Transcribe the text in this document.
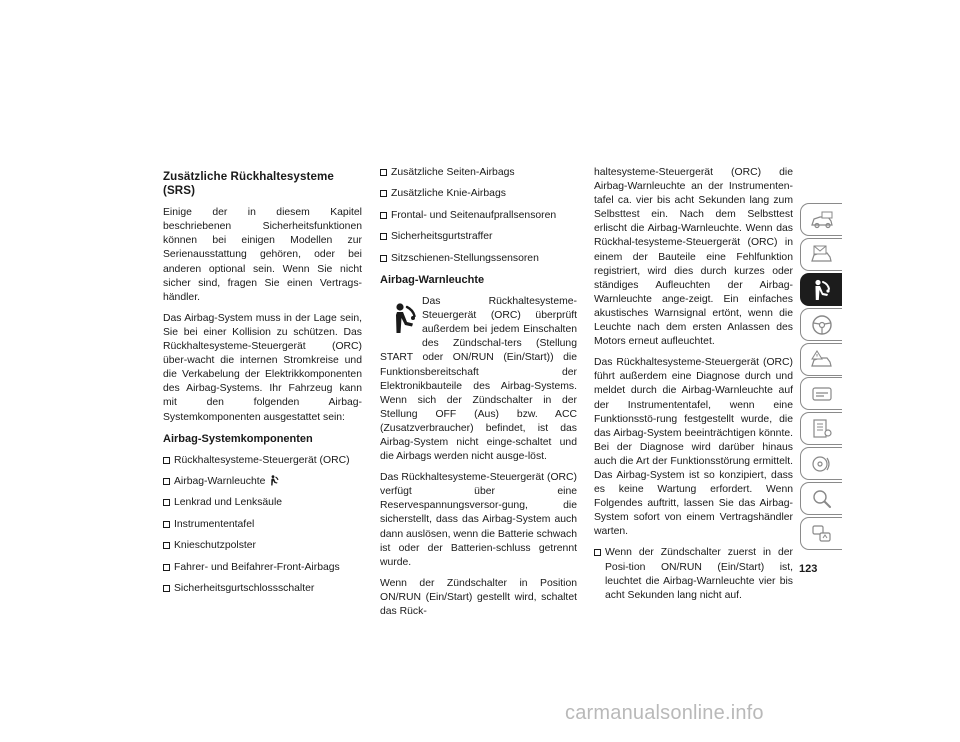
Zusätzliche Rückhaltesysteme (SRS)

Einige der in diesem Kapitel beschriebenen Sicherheitsfunktionen können bei einigen Modellen zur Serienausstattung gehören, oder bei anderen optional sein. Wenn Sie nicht sicher sind, fragen Sie einen Vertrags-händler.

Das Airbag-System muss in der Lage sein, Sie bei einer Kollision zu schützen. Das Rückhaltesysteme-Steuergerät (ORC) über-wacht die internen Stromkreise und die Verkabelung der Elektrikkomponenten des Airbag-Systems. Ihr Fahrzeug kann mit den folgenden Airbag-Systemkomponenten ausgestattet sein:

Airbag-Systemkomponenten
Rückhaltesysteme-Steuergerät (ORC)
Airbag-Warnleuchte
Lenkrad und Lenksäule
Instrumententafel
Knieschutzpolster
Fahrer- und Beifahrer-Front-Airbags
Sicherheitsgurtschlossschalter
Zusätzliche Seiten-Airbags
Zusätzliche Knie-Airbags
Frontal- und Seitenaufprallsensoren
Sicherheitsgurtstraffer
Sitzschienen-Stellungssensoren
Airbag-Warnleuchte

Das Rückhaltesysteme-Steuergerät (ORC) überprüft außerdem bei jedem Einschalten des Zündschal-ters (Stellung START oder ON/RUN (Ein/Start)) die Funktionsbereitschaft der Elektronikbauteile des Airbag-Systems. Wenn sich der Zündschalter in der Stellung OFF (Aus) bzw. ACC (Zusatzverbraucher) befindet, ist das Airbag-System nicht einge-schaltet und die Airbags werden nicht ausge-löst.

Das Rückhaltesysteme-Steuergerät (ORC) verfügt über eine Reservespannungsversor-gung, die sicherstellt, dass das Airbag-System auch dann auslösen, wenn die Batterie schwach ist oder der Batterien-schluss getrennt wurde.

Wenn der Zündschalter in Position ON/RUN (Ein/Start) gestellt wird, schaltet das Rück-

haltesysteme-Steuergerät (ORC) die Airbag-Warnleuchte an der Instrumenten-tafel ca. vier bis acht Sekunden lang zum Selbsttest ein. Nach dem Selbsttest erlischt die Airbag-Warnleuchte. Wenn das Rückhal-tesysteme-Steuergerät (ORC) in einem der Bauteile eine Fehlfunktion registriert, wird dies durch kurzes oder ständiges Aufleuchten der Airbag-Warnleuchte ange-zeigt. Ein einfaches akustisches Warnsignal ertönt, wenn die Leuchte nach dem ersten Anlassen des Motors erneut aufleuchtet.

Das Rückhaltesysteme-Steuergerät (ORC) führt außerdem eine Diagnose durch und meldet durch die Airbag-Warnleuchte auf der Instrumententafel, wenn eine Funktionsstö-rung festgestellt wurde, die das Airbag-System beeinträchtigen könnte. Bei der Diagnose wird darüber hinaus auch die Art der Funktionsstörung ermittelt. Das Airbag-System ist so konzipiert, dass es keine Wartung erfordert. Wenn Folgendes auftritt, lassen Sie das Airbag-System sofort von einem Vertragshändler warten.

Wenn der Zündschalter zuerst in der Posi-tion ON/RUN (Ein/Start) ist, leuchtet die Airbag-Warnleuchte vier bis acht Sekunden lang nicht auf.
123
carmanualsonline.info
